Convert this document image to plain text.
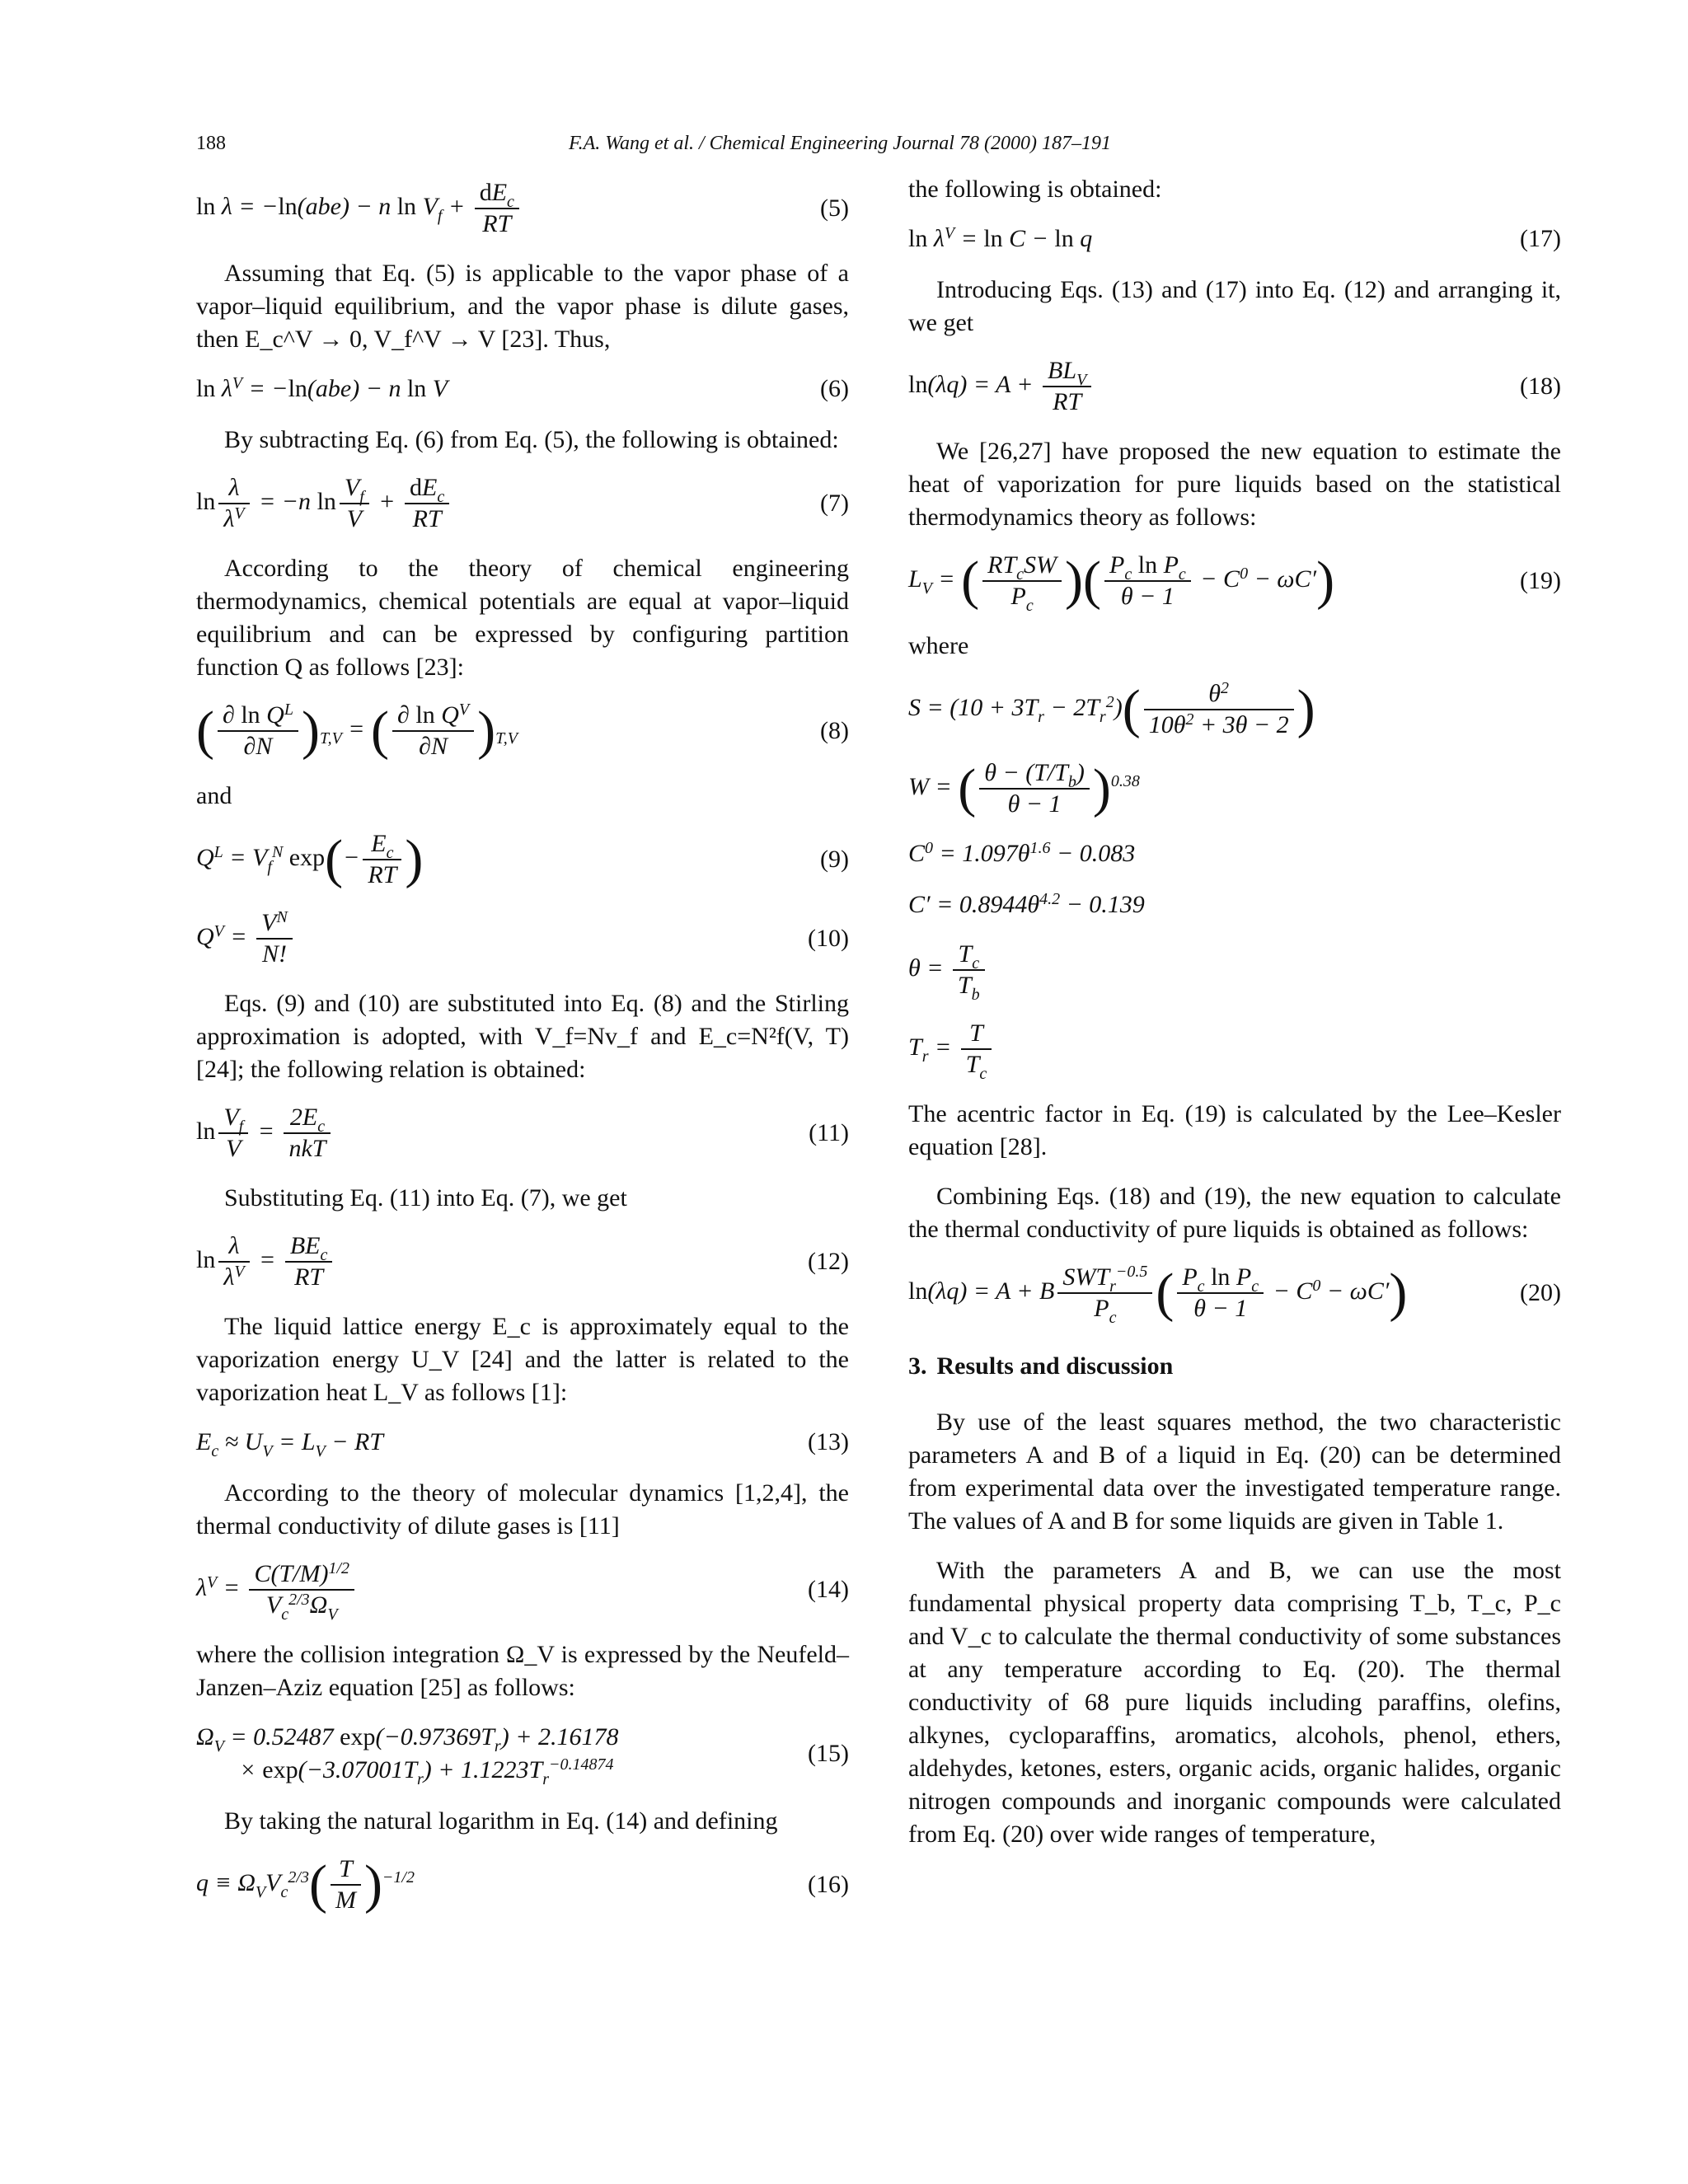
188	F.A. Wang et al. / Chemical Engineering Journal 78 (2000) 187–191
ln λ = −ln(abe) − n $\ln V_f + \frac{dE_c}{RT}$	(5)

Assuming that Eq. (5) is applicable to the vapor phase of a vapor–liquid equilibrium, and the vapor phase is dilute gases, then E_c^V → 0, V_f^V → V [23]. Thus,

$\ln \lambda^V = -\ln(abe) - n$ ln V	(6)

By subtracting Eq. (6) from Eq. (5), the following is obtained:

$\ln \frac{\lambda}{\lambda^V} = -n$ $\ln \frac{V_f}{V} + \frac{dE_c}{RT}$	(7)

According to the theory of chemical engineering thermodynamics, chemical potentials are equal at vapor–liquid equilibrium and can be expressed by configuring partition function Q as follows [23]:

( $\frac{\partial \ln Q^L}{\partial N} )_{T,V}$ = ( $\frac{\partial \ln Q^V}{\partial N} )_{T,V}$	(8)

and

$Q^L = V_f^N$ $\exp(- \frac{E_c}{RT}$ )	(9)
$Q^V = \frac{V^N}{N!}$	(10)

Eqs. (9) and (10) are substituted into Eq. (8) and the Stirling approximation is adopted, with V_f=Nv_f and E_c=N²f(V, T) [24]; the following relation is obtained:

$\ln \frac{V_f}{V} = \frac{2E_c}{\text{nkT}}$	(11)

Substituting Eq. (11) into Eq. (7), we get

$\ln \frac{\lambda}{\lambda^V} = \frac{BE_c}{RT}$	(12)

The liquid lattice energy E_c is approximately equal to the vaporization energy U_V [24] and the latter is related to the vaporization heat L_V as follows [1]:

$E_c \approx U_V = L_V$ − RT	(13)

According to the theory of molecular dynamics [1,2,4], the thermal conductivity of dilute gases is [11]

$\lambda^V = \frac{C(T/M)^{1/2}}{V_c^{2/3}\Omega_V}$	(14)

where the collision integration Ω_V is expressed by the Neufeld–Janzen–Aziz equation [25] as follows:

$\Omega_V = 0.52487$ $\exp(-0.97369T_r) + 2.16178$
× $\exp(-3.07001T_r) + 1.1223T_r^{-0.14874}$	(15)

By taking the natural logarithm in Eq. (14) and defining

$q \equiv \Omega_VV_c^{2/3}( \frac{T}{M} )^{-1/2}$	(16)

the following is obtained:

$\ln \lambda^V = \ln C - \ln q$	(17)

Introducing Eqs. (13) and (17) into Eq. (12) and arranging it, we get

$\ln(\lambda q) = A + \frac{BL_V}{RT}$	(18)

We [26,27] have proposed the new equation to estimate the heat of vaporization for pure liquids based on the statistical thermodynamics theory as follows:

$L_V$ = ( $\frac{RT_cSW}{P_c}$ )( $\frac{P_c \ln P_c}{\theta - 1} - C^0 - \omega C'$)	(19)

where

$S = (10 + 3T_r - 2T_r^2)( \frac{\theta^2}{10\theta^2 + 3\theta - 2}$ )
W = ( $\frac{\theta - (T/T_b)}{\theta - 1} )^{0.38}$
$C^0 = 1.097\theta^{1.6} - 0.083$
$C' = 0.8944\theta^{4.2} - 0.139$
$\theta = \frac{T_c}{T_b}$
$T_r = \frac{T}{T_c}$

The acentric factor in Eq. (19) is calculated by the Lee–Kesler equation [28].

Combining Eqs. (18) and (19), the new equation to calculate the thermal conductivity of pure liquids is obtained as follows:

ln(λq) = A + B $\frac{SWT_r^{-0.5}}{P_c}$ ( $\frac{P_c \ln P_c}{\theta - 1} - C^0 - \omega C'$)	(20)
3. Results and discussion

By use of the least squares method, the two characteristic parameters A and B of a liquid in Eq. (20) can be determined from experimental data over the investigated temperature range. The values of A and B for some liquids are given in Table 1.

With the parameters A and B, we can use the most fundamental physical property data comprising T_b, T_c, P_c and V_c to calculate the thermal conductivity of some substances at any temperature according to Eq. (20). The thermal conductivity of 68 pure liquids including paraffins, olefins, alkynes, cycloparaffins, aromatics, alcohols, phenol, ethers, aldehydes, ketones, esters, organic acids, organic halides, organic nitrogen compounds and inorganic compounds were calculated from Eq. (20) over wide ranges of temperature,
